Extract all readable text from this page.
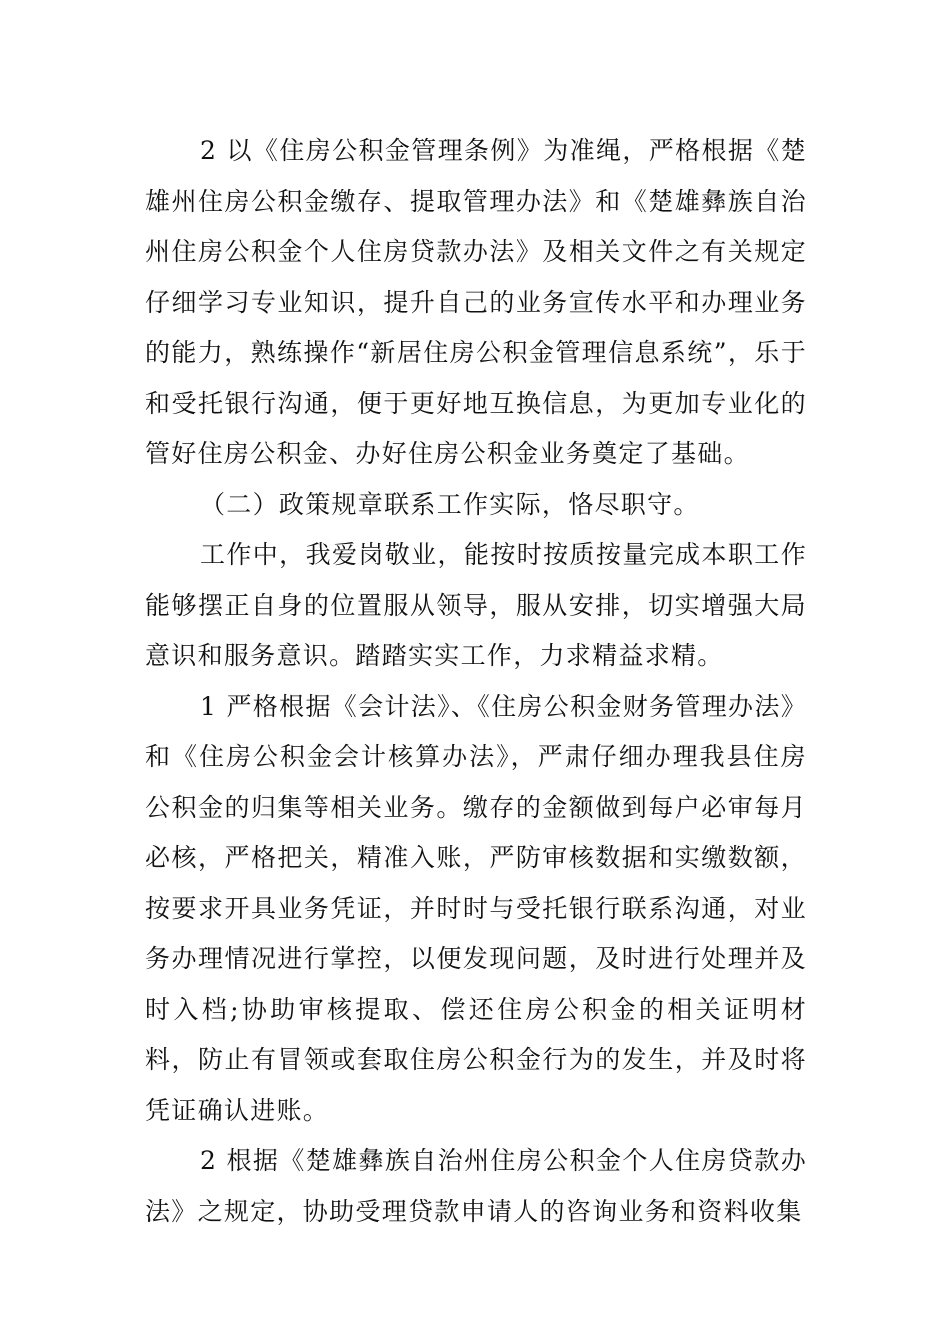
2 以《住房公积金管理条例》为准绳，严格根据《楚雄州住房公积金缴存、提取管理办法》和《楚雄彝族自治州住房公积金个人住房贷款办法》及相关文件之有关规定仔细学习专业知识，提升自己的业务宣传水平和办理业务的能力，熟练操作“新居住房公积金管理信息系统”，乐于和受托银行沟通，便于更好地互换信息，为更加专业化的管好住房公积金、办好住房公积金业务奠定了基础。

（二）政策规章联系工作实际，恪尽职守。

工作中，我爱岗敬业，能按时按质按量完成本职工作能够摆正自身的位置服从领导，服从安排，切实增强大局意识和服务意识。踏踏实实工作，力求精益求精。

1 严格根据《会计法》、《住房公积金财务管理办法》和《住房公积金会计核算办法》，严肃仔细办理我县住房公积金的归集等相关业务。缴存的金额做到每户必审每月必核，严格把关，精准入账，严防审核数据和实缴数额，按要求开具业务凭证，并时时与受托银行联系沟通，对业务办理情况进行掌控，以便发现问题，及时进行处理并及时入档;协助审核提取、偿还住房公积金的相关证明材料，防止有冒领或套取住房公积金行为的发生，并及时将凭证确认进账。

2 根据《楚雄彝族自治州住房公积金个人住房贷款办法》之规定，协助受理贷款申请人的咨询业务和资料收集
